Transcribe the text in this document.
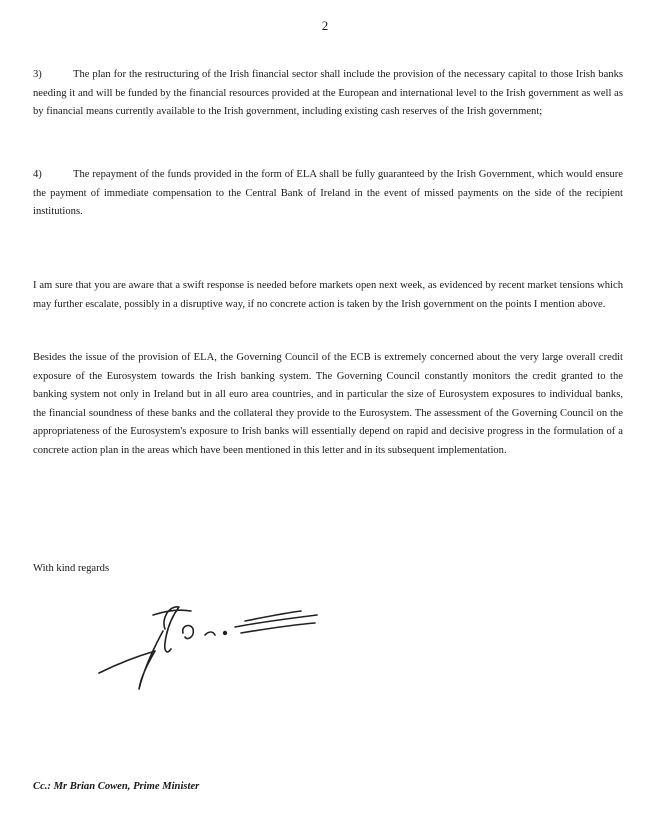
2
3)	The plan for the restructuring of the Irish financial sector shall include the provision of the necessary capital to those Irish banks needing it and will be funded by the financial resources provided at the European and international level to the Irish government as well as by financial means currently available to the Irish government, including existing cash reserves of the Irish government;
4)	The repayment of the funds provided in the form of ELA shall be fully guaranteed by the Irish Government, which would ensure the payment of immediate compensation to the Central Bank of Ireland in the event of missed payments on the side of the recipient institutions.
I am sure that you are aware that a swift response is needed before markets open next week, as evidenced by recent market tensions which may further escalate, possibly in a disruptive way, if no concrete action is taken by the Irish government on the points I mention above.
Besides the issue of the provision of ELA, the Governing Council of the ECB is extremely concerned about the very large overall credit exposure of the Eurosystem towards the Irish banking system. The Governing Council constantly monitors the credit granted to the banking system not only in Ireland but in all euro area countries, and in particular the size of Eurosystem exposures to individual banks, the financial soundness of these banks and the collateral they provide to the Eurosystem. The assessment of the Governing Council on the appropriateness of the Eurosystem's exposure to Irish banks will essentially depend on rapid and decisive progress in the formulation of a concrete action plan in the areas which have been mentioned in this letter and in its subsequent implementation.
With kind regards
Cc.: Mr Brian Cowen, Prime Minister
